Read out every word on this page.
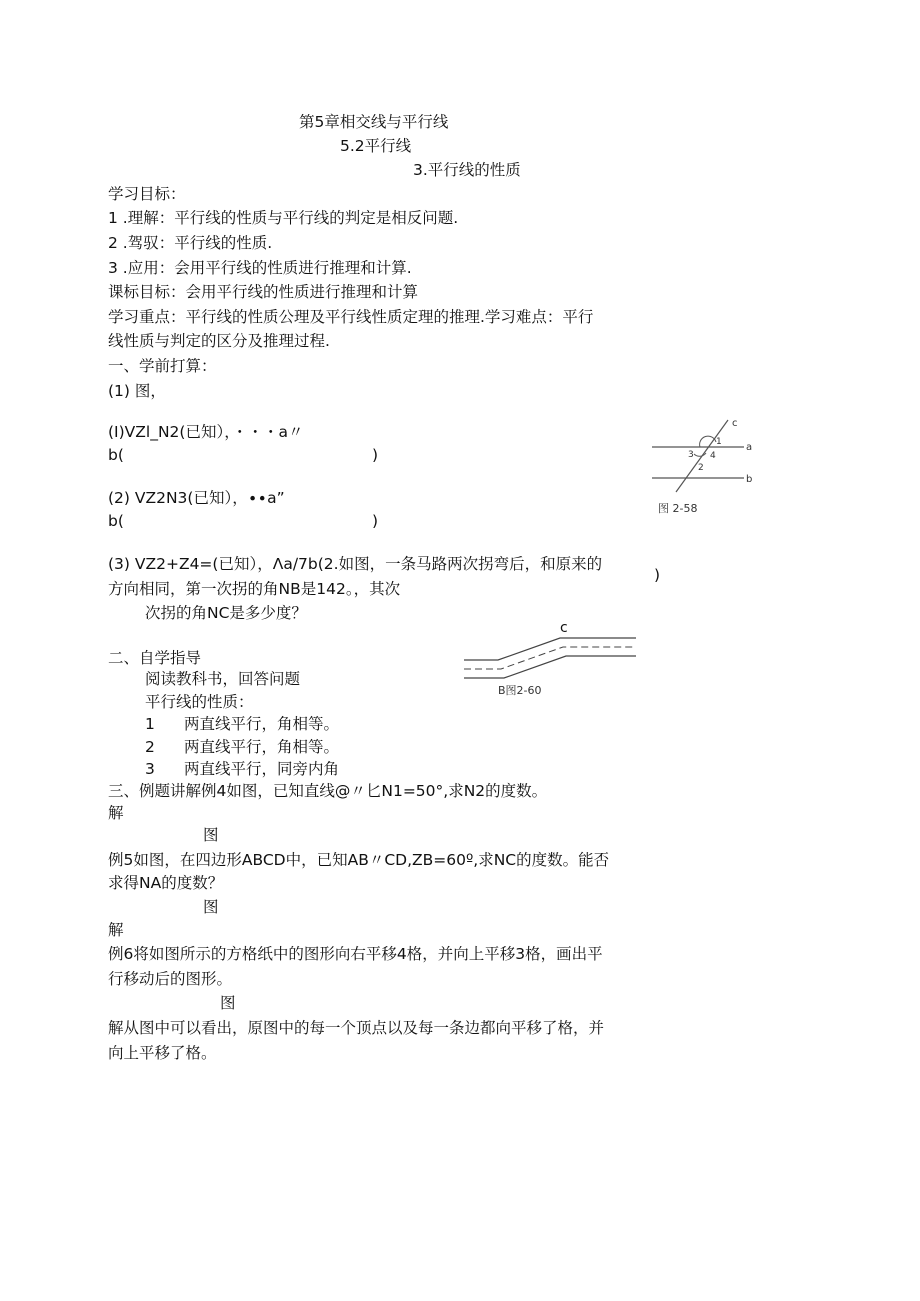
第5章相交线与平行线
5.2平行线
3.平行线的性质
学习目标：
1 .理解：平行线的性质与平行线的判定是相反问题.
2 .驾驭：平行线的性质.
3 .应用：会用平行线的性质进行推理和计算.
课标目标：会用平行线的性质进行推理和计算
学习重点：平行线的性质公理及平行线性质定理的推理.学习难点：平行
线性质与判定的区分及推理过程.
一、学前打算：
(1) 图，
(I)VZl_N2(已知），・・・a〃
b(	)
(2) VZ2N3(已知），∙∙a”
b(	)
(3) VZ2+Z4=(已知），Λa∕7b(2.如图，一条马路两次拐弯后，和原来的
)
方向相同，第一次拐的角NB是142。，其次
次拐的角NC是多少度？
c
a
b
1
2
3 4
图 2-58
c
B图2-60
二、自学指导
阅读教科书，回答问题
平行线的性质：
1 两直线平行，角相等。
2 两直线平行，角相等。
3 两直线平行，同旁内角
三、例题讲解例4如图，已知直线@〃匕N1=50°,求N2的度数。
解
图
例5如图，在四边形ABCD中，已知AB〃CD,ZB=60º,求NC的度数。能否
求得NA的度数？
图
解
例6将如图所示的方格纸中的图形向右平移4格，并向上平移3格，画出平
行移动后的图形。
图
解从图中可以看出，原图中的每一个顶点以及每一条边都向平移了格，并
向上平移了格。
